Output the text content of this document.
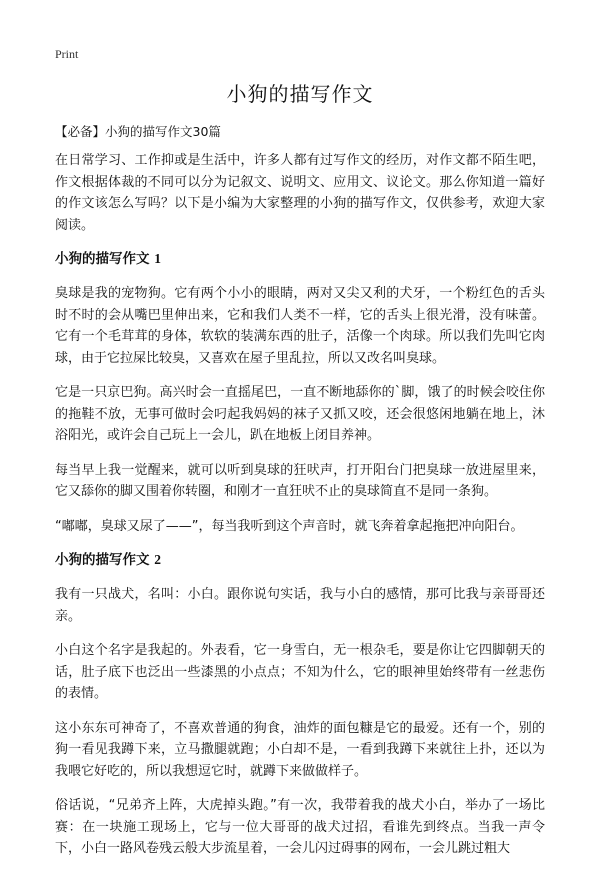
Print
小狗的描写作文

【必备】小狗的描写作文30篇

在日常学习、工作抑或是生活中，许多人都有过写作文的经历，对作文都不陌生吧，作文根据体裁的不同可以分为记叙文、说明文、应用文、议论文。那么你知道一篇好的作文该怎么写吗？以下是小编为大家整理的小狗的描写作文，仅供参考，欢迎大家阅读。

小狗的描写作文 1

臭球是我的宠物狗。它有两个小小的眼睛，两对又尖又利的犬牙，一个粉红色的舌头时不时的会从嘴巴里伸出来，它和我们人类不一样，它的舌头上很光滑，没有味蕾。它有一个毛茸茸的身体，软软的装满东西的肚子，活像一个肉球。所以我们先叫它肉球，由于它拉屎比较臭，又喜欢在屋子里乱拉，所以又改名叫臭球。

它是一只京巴狗。高兴时会一直摇尾巴，一直不断地舔你的`脚，饿了的时候会咬住你的拖鞋不放，无事可做时会叼起我妈妈的袜子又抓又咬，还会很悠闲地躺在地上，沐浴阳光，或许会自己玩上一会儿，趴在地板上闭目养神。

每当早上我一觉醒来，就可以听到臭球的狂吠声，打开阳台门把臭球一放进屋里来，它又舔你的脚又围着你转圈，和刚才一直狂吠不止的臭球简直不是同一条狗。

“嘟嘟，臭球又尿了——”，每当我听到这个声音时，就飞奔着拿起拖把冲向阳台。

小狗的描写作文 2

我有一只战犬，名叫：小白。跟你说句实话，我与小白的感情，那可比我与亲哥哥还亲。

小白这个名字是我起的。外表看，它一身雪白，无一根杂毛，要是你让它四脚朝天的话，肚子底下也泛出一些漆黑的小点点；不知为什么，它的眼神里始终带有一丝悲伤的表情。

这小东东可神奇了，不喜欢普通的狗食，油炸的面包糠是它的最爱。还有一个，别的狗一看见我蹲下来，立马撒腿就跑；小白却不是，一看到我蹲下来就往上扑，还以为我喂它好吃的，所以我想逗它时，就蹲下来做做样子。

俗话说，“兄弟齐上阵，大虎掉头跑。”有一次，我带着我的战犬小白，举办了一场比赛：在一块施工现场上，它与一位大哥哥的战犬过招，看谁先到终点。当我一声令下，小白一路风卷残云般大步流星着，一会儿闪过碍事的网布，一会儿跳过粗大
